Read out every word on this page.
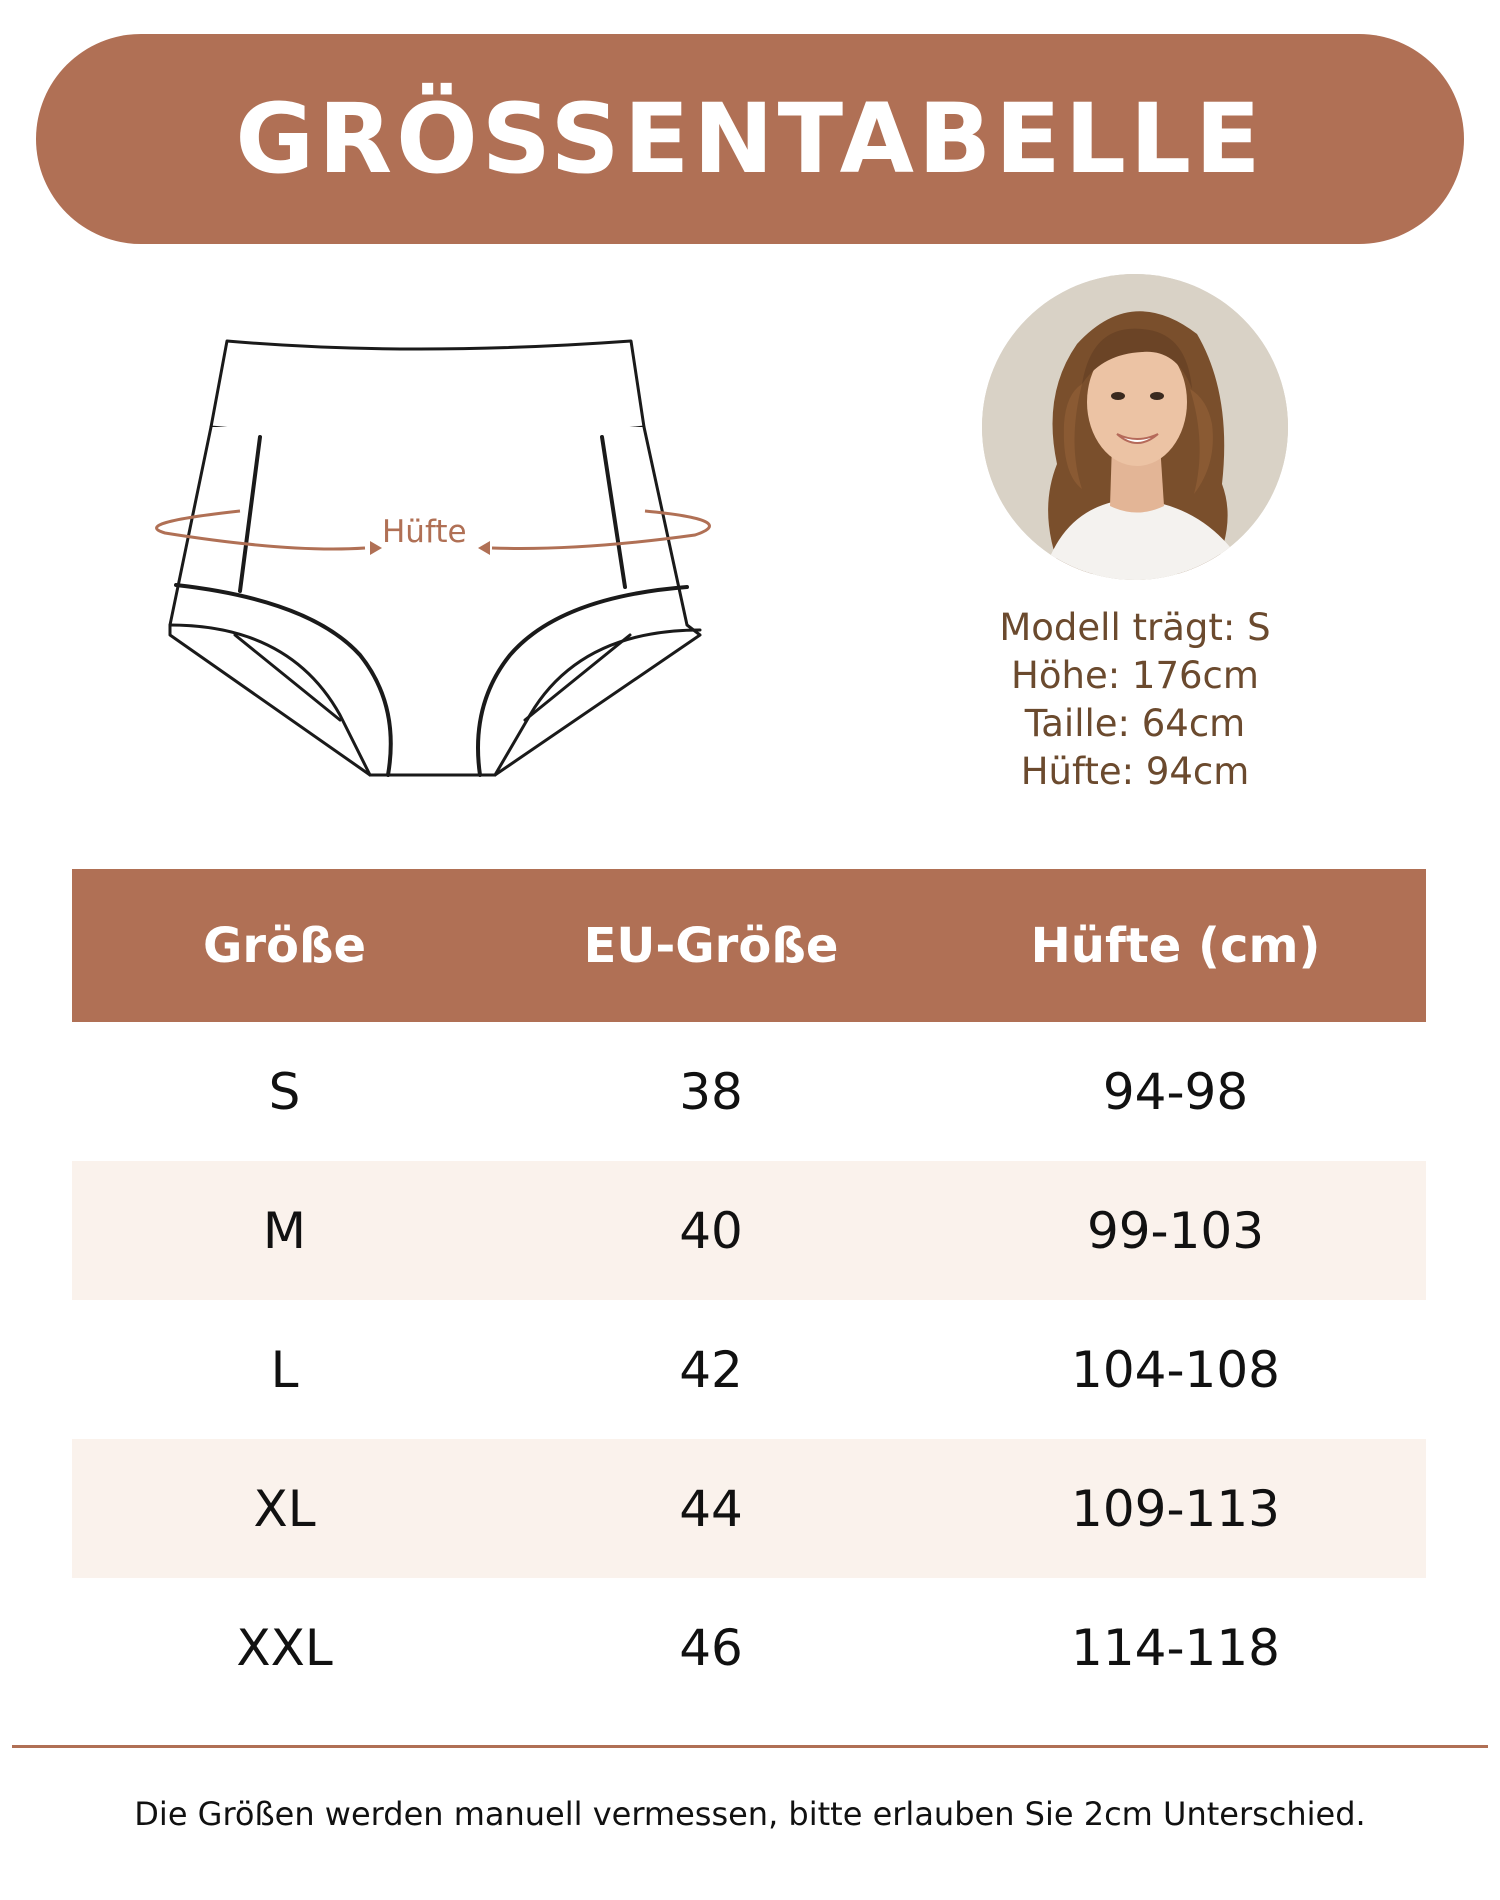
GRÖSSENTABELLE
Hüfte
Modell trägt: S
Höhe: 176cm
Taille: 64cm
Hüfte: 94cm
Größe	EU-Größe	Hüfte (cm)
S	38	94-98
M	40	99-103
L	42	104-108
XL	44	109-113
XXL	46	114-118
Die Größen werden manuell vermessen, bitte erlauben Sie 2cm Unterschied.
